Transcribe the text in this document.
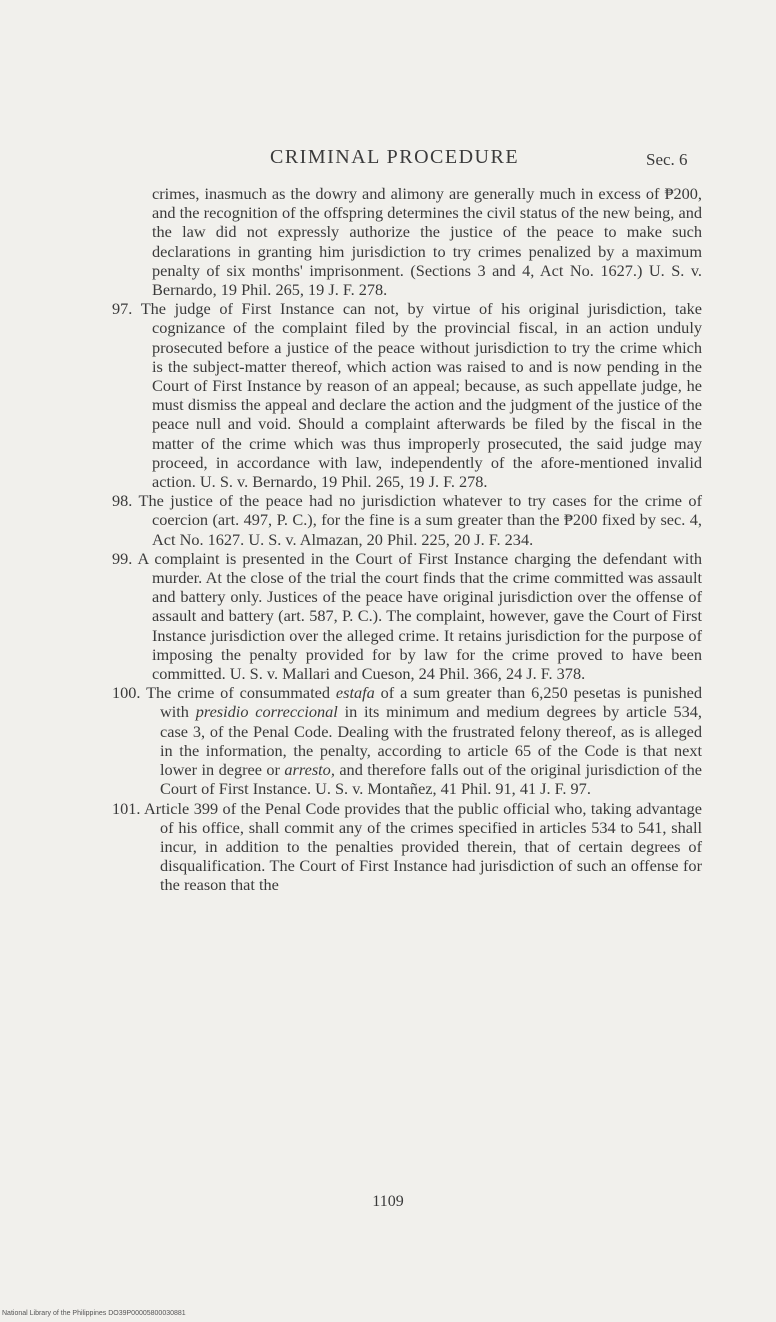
CRIMINAL PROCEDURE	Sec. 6

crimes, inasmuch as the dowry and alimony are generally much in excess of ₱200, and the recognition of the offspring determines the civil status of the new being, and the law did not expressly authorize the justice of the peace to make such declarations in granting him jurisdiction to try crimes penalized by a maximum penalty of six months' imprisonment. (Sections 3 and 4, Act No. 1627.) U. S. v. Bernardo, 19 Phil. 265, 19 J. F. 278.

97. The judge of First Instance can not, by virtue of his original jurisdiction, take cognizance of the complaint filed by the provincial fiscal, in an action unduly prosecuted before a justice of the peace without jurisdiction to try the crime which is the subject-matter thereof, which action was raised to and is now pending in the Court of First Instance by reason of an appeal; because, as such appellate judge, he must dismiss the appeal and declare the action and the judgment of the justice of the peace null and void. Should a complaint afterwards be filed by the fiscal in the matter of the crime which was thus improperly prosecuted, the said judge may proceed, in accordance with law, independently of the afore-mentioned invalid action. U. S. v. Bernardo, 19 Phil. 265, 19 J. F. 278.

98. The justice of the peace had no jurisdiction whatever to try cases for the crime of coercion (art. 497, P. C.), for the fine is a sum greater than the ₱200 fixed by sec. 4, Act No. 1627. U. S. v. Almazan, 20 Phil. 225, 20 J. F. 234.

99. A complaint is presented in the Court of First Instance charging the defendant with murder. At the close of the trial the court finds that the crime committed was assault and battery only. Justices of the peace have original jurisdiction over the offense of assault and battery (art. 587, P. C.). The complaint, however, gave the Court of First Instance jurisdiction over the alleged crime. It retains jurisdiction for the purpose of imposing the penalty provided for by law for the crime proved to have been committed. U. S. v. Mallari and Cueson, 24 Phil. 366, 24 J. F. 378.

100. The crime of consummated estafa of a sum greater than 6,250 pesetas is punished with presidio correccional in its minimum and medium degrees by article 534, case 3, of the Penal Code. Dealing with the frustrated felony thereof, as is alleged in the information, the penalty, according to article 65 of the Code is that next lower in degree or arresto, and therefore falls out of the original jurisdiction of the Court of First Instance. U. S. v. Montañez, 41 Phil. 91, 41 J. F. 97.

101. Article 399 of the Penal Code provides that the public official who, taking advantage of his office, shall commit any of the crimes specified in articles 534 to 541, shall incur, in addition to the penalties provided therein, that of certain degrees of disqualification. The Court of First Instance had jurisdiction of such an offense for the reason that the

1109
National Library of the Philippines DO39P00005800030881
